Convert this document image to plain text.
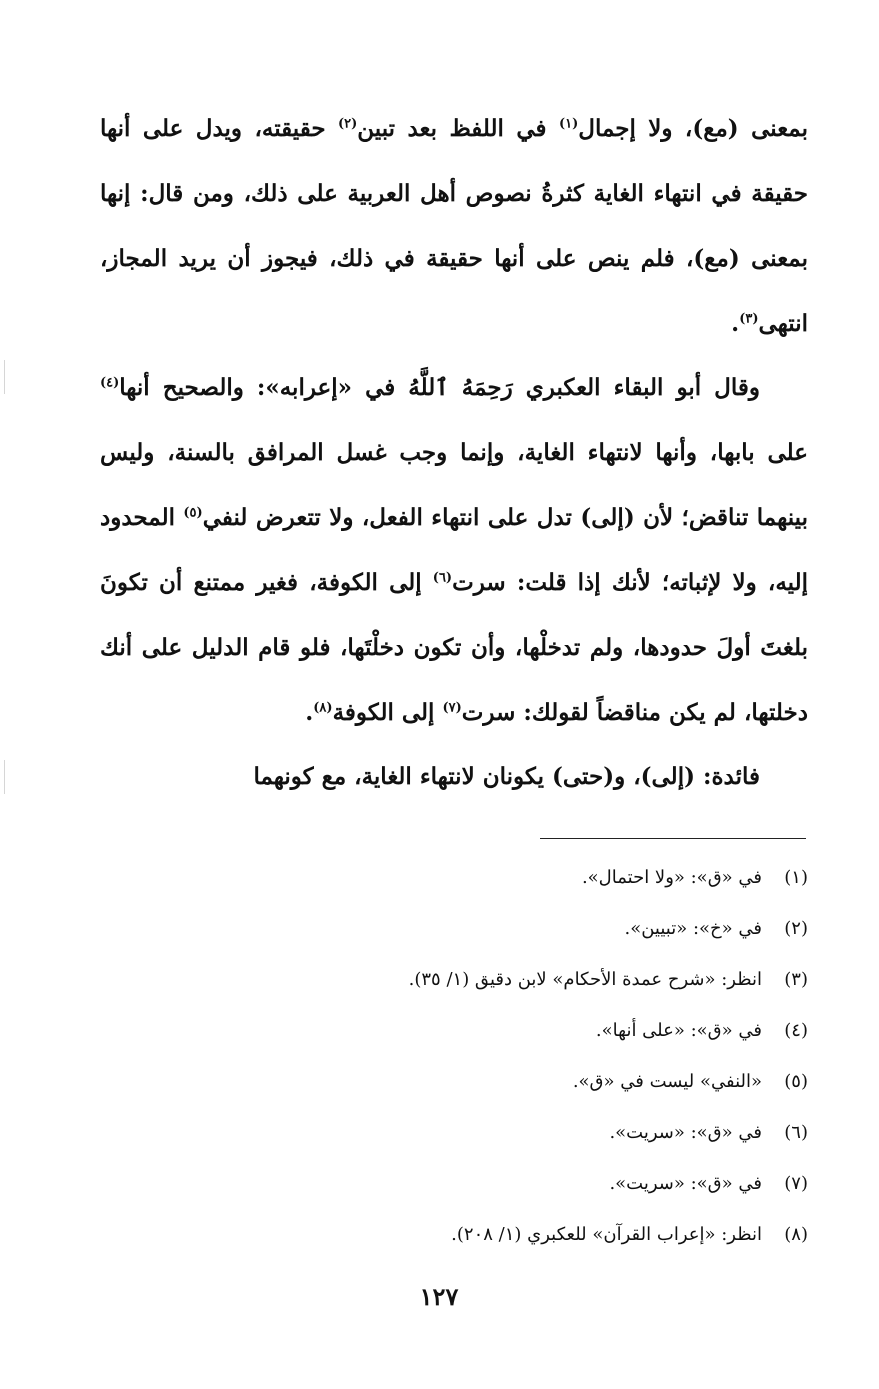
بمعنى (مع)، ولا إجمال$^{(١)}$ في اللفظ بعد تبين$^{(٢)}$ حقيقته، ويدل على أنها حقيقة في انتهاء الغاية كثرةُ نصوص أهل العربية على ذلك، ومن قال: إنها بمعنى (مع)، فلم ينص على أنها حقيقة في ذلك، فيجوز أن يريد المجاز، انتهى$^{(٣)}$.

وقال أبو البقاء العكبري رَحِمَهُ ٱللَّهُ في «إعرابه»: والصحيح أنها$^{(٤)}$ على بابها، وأنها لانتهاء الغاية، وإنما وجب غسل المرافق بالسنة، وليس بينهما تناقض؛ لأن (إلى) تدل على انتهاء الفعل، ولا تتعرض لنفي$^{(٥)}$ المحدود إليه، ولا لإثباته؛ لأنك إذا قلت: سرت$^{(٦)}$ إلى الكوفة، فغير ممتنع أن تكونَ بلغتَ أولَ حدودها، ولم تدخلْها، وأن تكون دخلْتَها، فلو قام الدليل على أنك دخلتها، لم يكن مناقضاً لقولك: سرت$^{(٧)}$ إلى الكوفة$^{(٨)}$.

فائدة: (إلى)، و(حتى) يكونان لانتهاء الغاية، مع كونهما

(١)في «ق»: «ولا احتمال».
(٢)في «خ»: «تبيين».
(٣)انظر: «شرح عمدة الأحكام» لابن دقيق (١/ ٣٥).
(٤)في «ق»: «على أنها».
(٥)«النفي» ليست في «ق».
(٦)في «ق»: «سريت».
(٧)في «ق»: «سريت».
(٨)انظر: «إعراب القرآن» للعكبري (١/ ٢٠٨).
١٢٧
